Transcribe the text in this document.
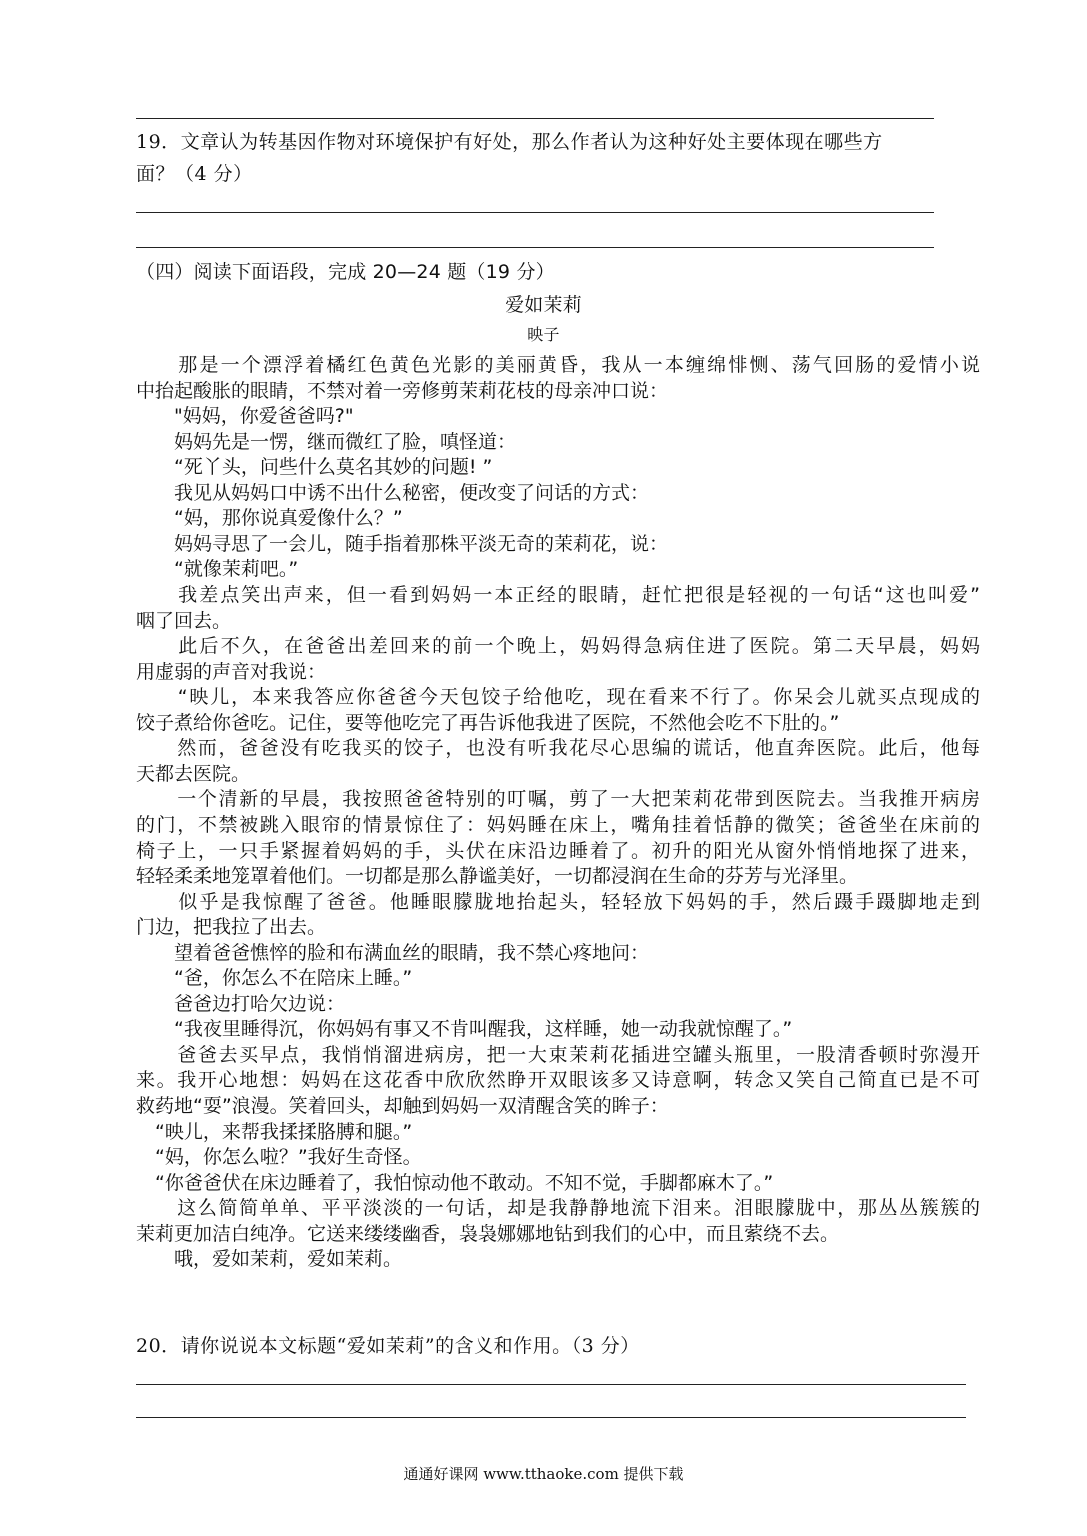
19．文章认为转基因作物对环境保护有好处，那么作者认为这种好处主要体现在哪些方
面？（4 分）
（四）阅读下面语段，完成 20—24 题（19 分）
爱如茉莉
映子
　　那是一个漂浮着橘红色黄色光影的美丽黄昏，我从一本缠绵悱恻、荡气回肠的爱情小说
中抬起酸胀的眼睛，不禁对着一旁修剪茉莉花枝的母亲冲口说：
　　"妈妈，你爱爸爸吗?"
　　妈妈先是一愣，继而微红了脸，嗔怪道：
　　“死丫头，问些什么莫名其妙的问题! ”
　　我见从妈妈口中诱不出什么秘密，便改变了问话的方式：
　　“妈，那你说真爱像什么？”
　　妈妈寻思了一会儿，随手指着那株平淡无奇的茉莉花，说：
　　“就像茉莉吧。”
　　我差点笑出声来，但一看到妈妈一本正经的眼睛，赶忙把很是轻视的一句话“这也叫爱”
咽了回去。
　　此后不久，在爸爸出差回来的前一个晚上，妈妈得急病住进了医院。第二天早晨，妈妈
用虚弱的声音对我说：
　　“映儿，本来我答应你爸爸今天包饺子给他吃，现在看来不行了。你呆会儿就买点现成的
饺子煮给你爸吃。记住，要等他吃完了再告诉他我进了医院，不然他会吃不下肚的。”
　　然而，爸爸没有吃我买的饺子，也没有听我花尽心思编的谎话，他直奔医院。此后，他每
天都去医院。
　　一个清新的早晨，我按照爸爸特别的叮嘱，剪了一大把茉莉花带到医院去。当我推开病房
的门，不禁被跳入眼帘的情景惊住了：妈妈睡在床上，嘴角挂着恬静的微笑；爸爸坐在床前的
椅子上，一只手紧握着妈妈的手，头伏在床沿边睡着了。初升的阳光从窗外悄悄地探了进来，
轻轻柔柔地笼罩着他们。一切都是那么静谧美好，一切都浸润在生命的芬芳与光泽里。
　　似乎是我惊醒了爸爸。他睡眼朦胧地抬起头，轻轻放下妈妈的手，然后蹑手蹑脚地走到
门边，把我拉了出去。
　　望着爸爸憔悴的脸和布满血丝的眼睛，我不禁心疼地问：
　　“爸，你怎么不在陪床上睡。”
　　爸爸边打哈欠边说：
　　“我夜里睡得沉，你妈妈有事又不肯叫醒我，这样睡，她一动我就惊醒了。”
　　爸爸去买早点，我悄悄溜进病房，把一大束茉莉花插进空罐头瓶里，一股清香顿时弥漫开
来。我开心地想：妈妈在这花香中欣欣然睁开双眼该多又诗意啊，转念又笑自己简直已是不可
救药地“耍”浪漫。笑着回头，却触到妈妈一双清醒含笑的眸子：
　“映儿，来帮我揉揉胳膊和腿。”
　“妈，你怎么啦？”我好生奇怪。
　“你爸爸伏在床边睡着了，我怕惊动他不敢动。不知不觉，手脚都麻木了。”
　　这么简简单单、平平淡淡的一句话，却是我静静地流下泪来。泪眼朦胧中，那丛丛簇簇的
茉莉更加洁白纯净。它送来缕缕幽香，袅袅娜娜地钻到我们的心中，而且萦绕不去。
　　哦，爱如茉莉，爱如茉莉。
20．请你说说本文标题“爱如茉莉”的含义和作用。（3 分）
通通好课网 www.tthaoke.com 提供下载
